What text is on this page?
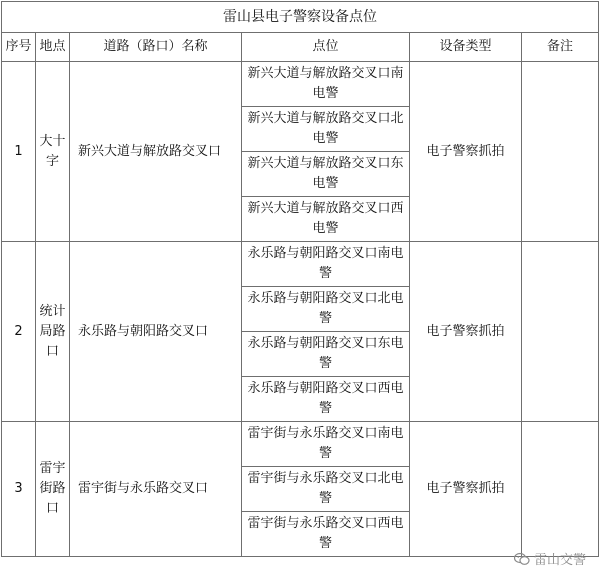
雷山县电子警察设备点位					
序号	地点	道路（路口）名称	点位	设备类型	备注
1	大十字	新兴大道与解放路交叉口	新兴大道与解放路交叉口南电警	电子警察抓拍	
			新兴大道与解放路交叉口北电警		
			新兴大道与解放路交叉口东电警		
			新兴大道与解放路交叉口西电警		
2	统计局路口	永乐路与朝阳路交叉口	永乐路与朝阳路交叉口南电警	电子警察抓拍	
			永乐路与朝阳路交叉口北电警		
			永乐路与朝阳路交叉口东电警		
			永乐路与朝阳路交叉口西电警		
3	雷宇街路口	雷宇街与永乐路交叉口	雷宇街与永乐路交叉口南电警	电子警察抓拍	
			雷宇街与永乐路交叉口北电警		
			雷宇街与永乐路交叉口西电警		
雷山交警
